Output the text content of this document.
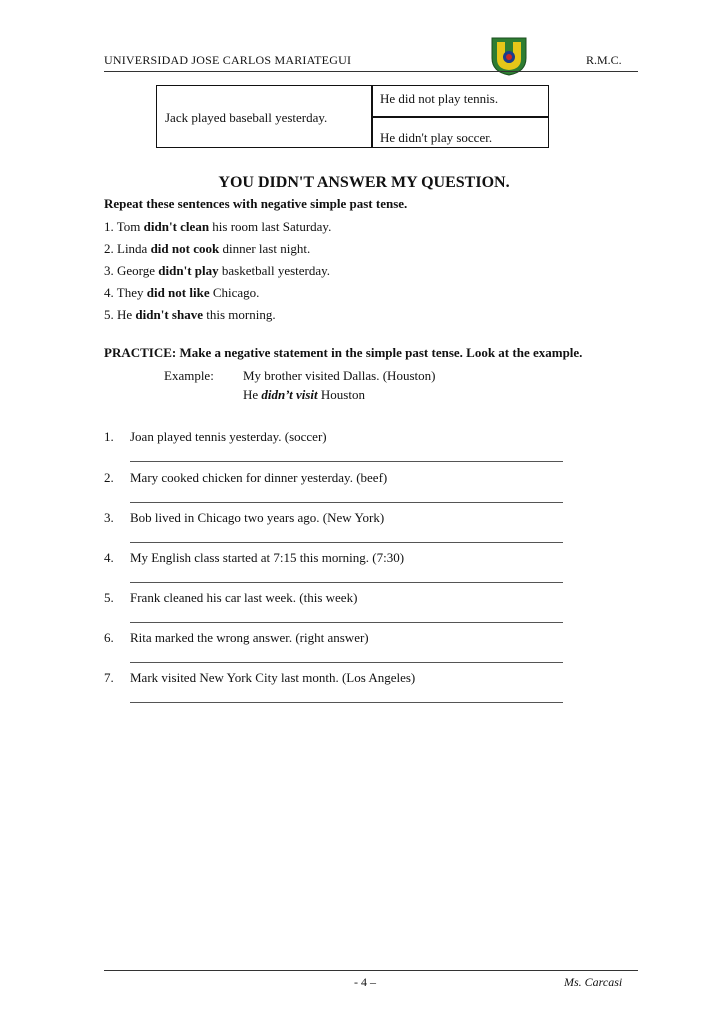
UNIVERSIDAD JOSE CARLOS MARIATEGUI	R.M.C.
Jack played baseball yesterday.
He did not play tennis.
He didn't play soccer.
YOU DIDN'T ANSWER MY QUESTION.
Repeat these sentences with negative simple past tense.
1. Tom didn't clean his room last Saturday.
2. Linda did not cook dinner last night.
3. George didn't play basketball yesterday.
4. They did not like Chicago.
5. He didn't shave this morning.
PRACTICE: Make a negative statement in the simple past tense. Look at the example.
Example: My brother visited Dallas. (Houston)
He didn’t visit Houston
1. Joan played tennis yesterday. (soccer)
2. Mary cooked chicken for dinner yesterday. (beef)
3. Bob lived in Chicago two years ago. (New York)
4. My English class started at 7:15 this morning. (7:30)
5. Frank cleaned his car last week. (this week)
6. Rita marked the wrong answer. (right answer)
7. Mark visited New York City last month. (Los Angeles)
- 4 –	Ms. Carcasi
